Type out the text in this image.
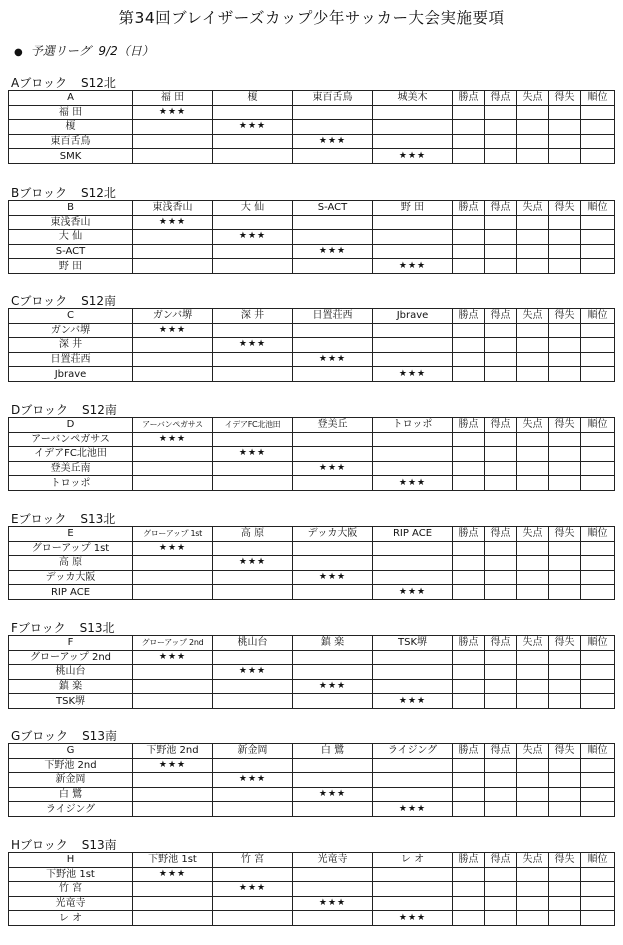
第34回ブレイザーズカップ少年サッカー大会実施要項
● 予選リーグ 9/2（日）
Aブロック S12北
A	福 田	榎	東百舌鳥	城美木	勝点	得点	失点	得失	順位
福 田	★★★								
榎		★★★							
東百舌鳥			★★★						
SMK				★★★					
Bブロック S12北
B	東浅香山	大 仙	S-ACT	野 田	勝点	得点	失点	得失	順位
東浅香山	★★★								
大 仙		★★★							
S-ACT			★★★						
野 田				★★★					
Cブロック S12南
C	ガンバ堺	深 井	日置荘西	Jbrave	勝点	得点	失点	得失	順位
ガンバ堺	★★★								
深 井		★★★							
日置荘西			★★★						
Jbrave				★★★					
Dブロック S12南
D	アーバンペガサス	イデアFC北池田	登美丘	トロッポ	勝点	得点	失点	得失	順位
アーバンペガサス	★★★								
イデアFC北池田		★★★							
登美丘南			★★★						
トロッポ				★★★					
Eブロック S13北
E	グローアップ 1st	高 原	デッカ大阪	RIP ACE	勝点	得点	失点	得失	順位
グローアップ 1st	★★★								
高 原		★★★							
デッカ大阪			★★★						
RIP ACE				★★★					
Fブロック S13北
F	グローアップ 2nd	桃山台	鎮 楽	TSK堺	勝点	得点	失点	得失	順位
グローアップ 2nd	★★★								
桃山台		★★★							
鎮 楽			★★★						
TSK堺				★★★					
Gブロック S13南
G	下野池 2nd	新金岡	白 鷺	ライジング	勝点	得点	失点	得失	順位
下野池 2nd	★★★								
新金岡		★★★							
白 鷺			★★★						
ライジング				★★★					
Hブロック S13南
H	下野池 1st	竹 宮	光竜寺	レ オ	勝点	得点	失点	得失	順位
下野池 1st	★★★								
竹 宮		★★★							
光竜寺			★★★						
レ オ				★★★					
